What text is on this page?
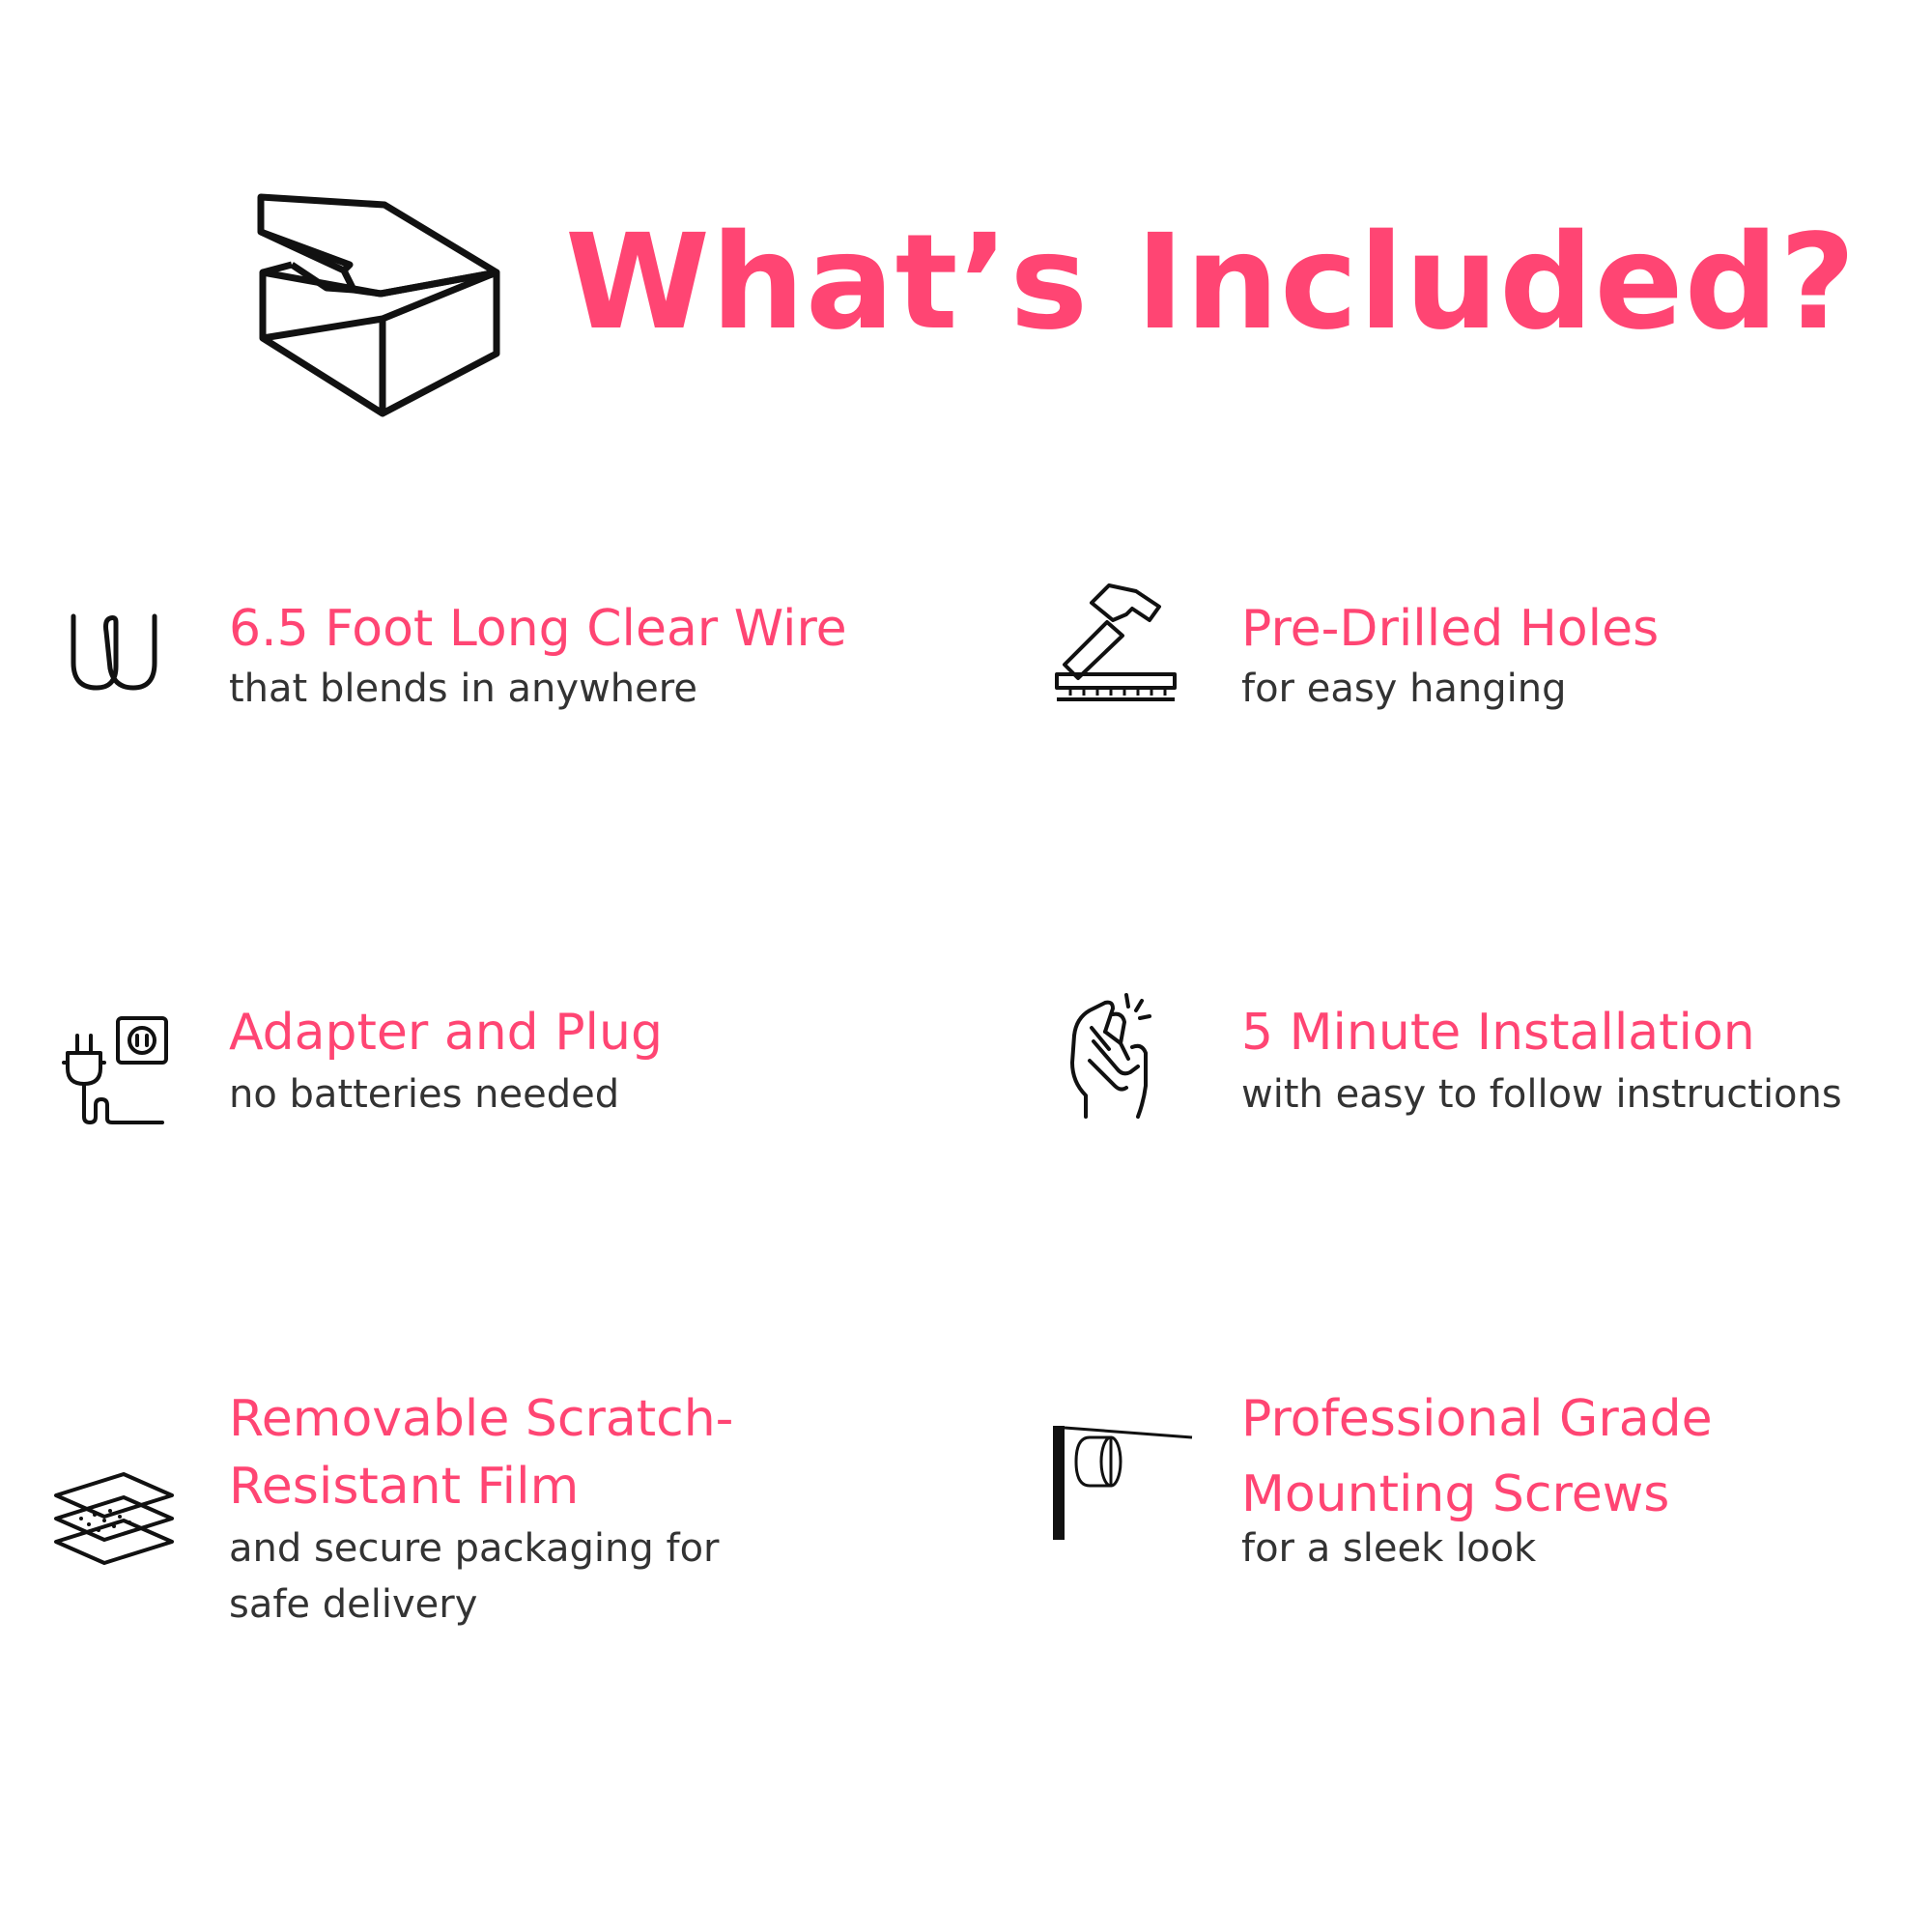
What’s Included?
6.5 Foot Long Clear Wire
that blends in anywhere
Pre-Drilled Holes
for easy hanging
Adapter and Plug
no batteries needed
5 Minute Installation
with easy to follow instructions
Removable Scratch-
Resistant Film
and secure packaging for
safe delivery
Professional Grade
Mounting Screws
for a sleek look
